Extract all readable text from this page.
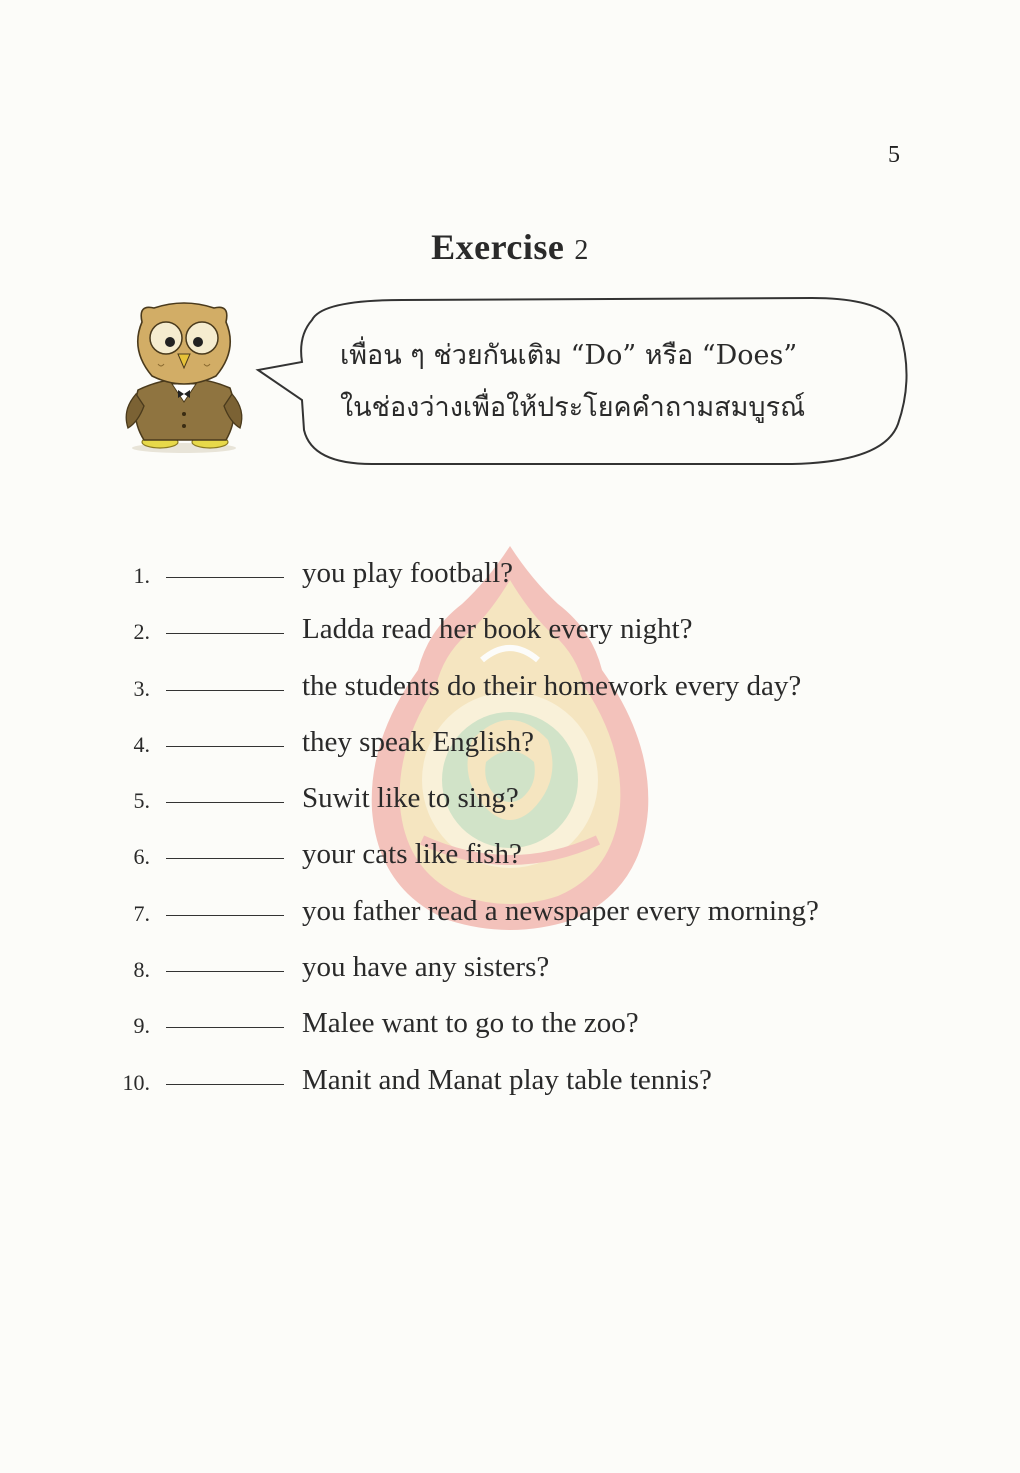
5
Exercise 2
เพื่อน ๆ ช่วยกันเติม “Do” หรือ “Does”
ในช่องว่างเพื่อให้ประโยคคำถามสมบูรณ์
1.	you play football?
2.	Ladda read her book every night?
3.	the students do their homework every day?
4.	they speak English?
5.	Suwit like to sing?
6.	your cats like fish?
7.	you father read a newspaper every morning?
8.	you have any sisters?
9.	Malee want to go to the zoo?
10.	Manit and Manat play table tennis?
